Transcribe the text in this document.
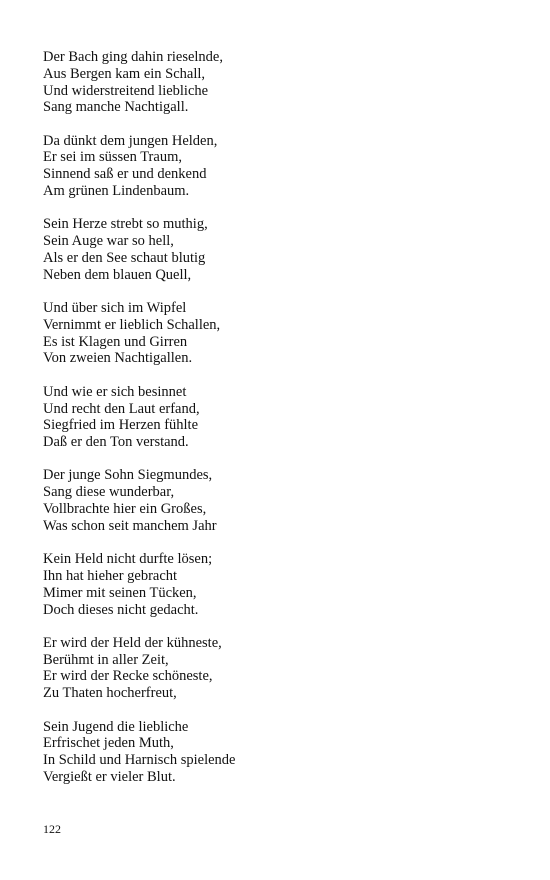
Der Bach ging dahin rieselnde,
Aus Bergen kam ein Schall,
Und widerstreitend liebliche
Sang manche Nachtigall.
Da dünkt dem jungen Helden,
Er sei im süssen Traum,
Sinnend saß er und denkend
Am grünen Lindenbaum.
Sein Herze strebt so muthig,
Sein Auge war so hell,
Als er den See schaut blutig
Neben dem blauen Quell,
Und über sich im Wipfel
Vernimmt er lieblich Schallen,
Es ist Klagen und Girren
Von zweien Nachtigallen.
Und wie er sich besinnet
Und recht den Laut erfand,
Siegfried im Herzen fühlte
Daß er den Ton verstand.
Der junge Sohn Siegmundes,
Sang diese wunderbar,
Vollbrachte hier ein Großes,
Was schon seit manchem Jahr
Kein Held nicht durfte lösen;
Ihn hat hieher gebracht
Mimer mit seinen Tücken,
Doch dieses nicht gedacht.
Er wird der Held der kühneste,
Berühmt in aller Zeit,
Er wird der Recke schöneste,
Zu Thaten hocherfreut,
Sein Jugend die liebliche
Erfrischet jeden Muth,
In Schild und Harnisch spielende
Vergießt er vieler Blut.
122
